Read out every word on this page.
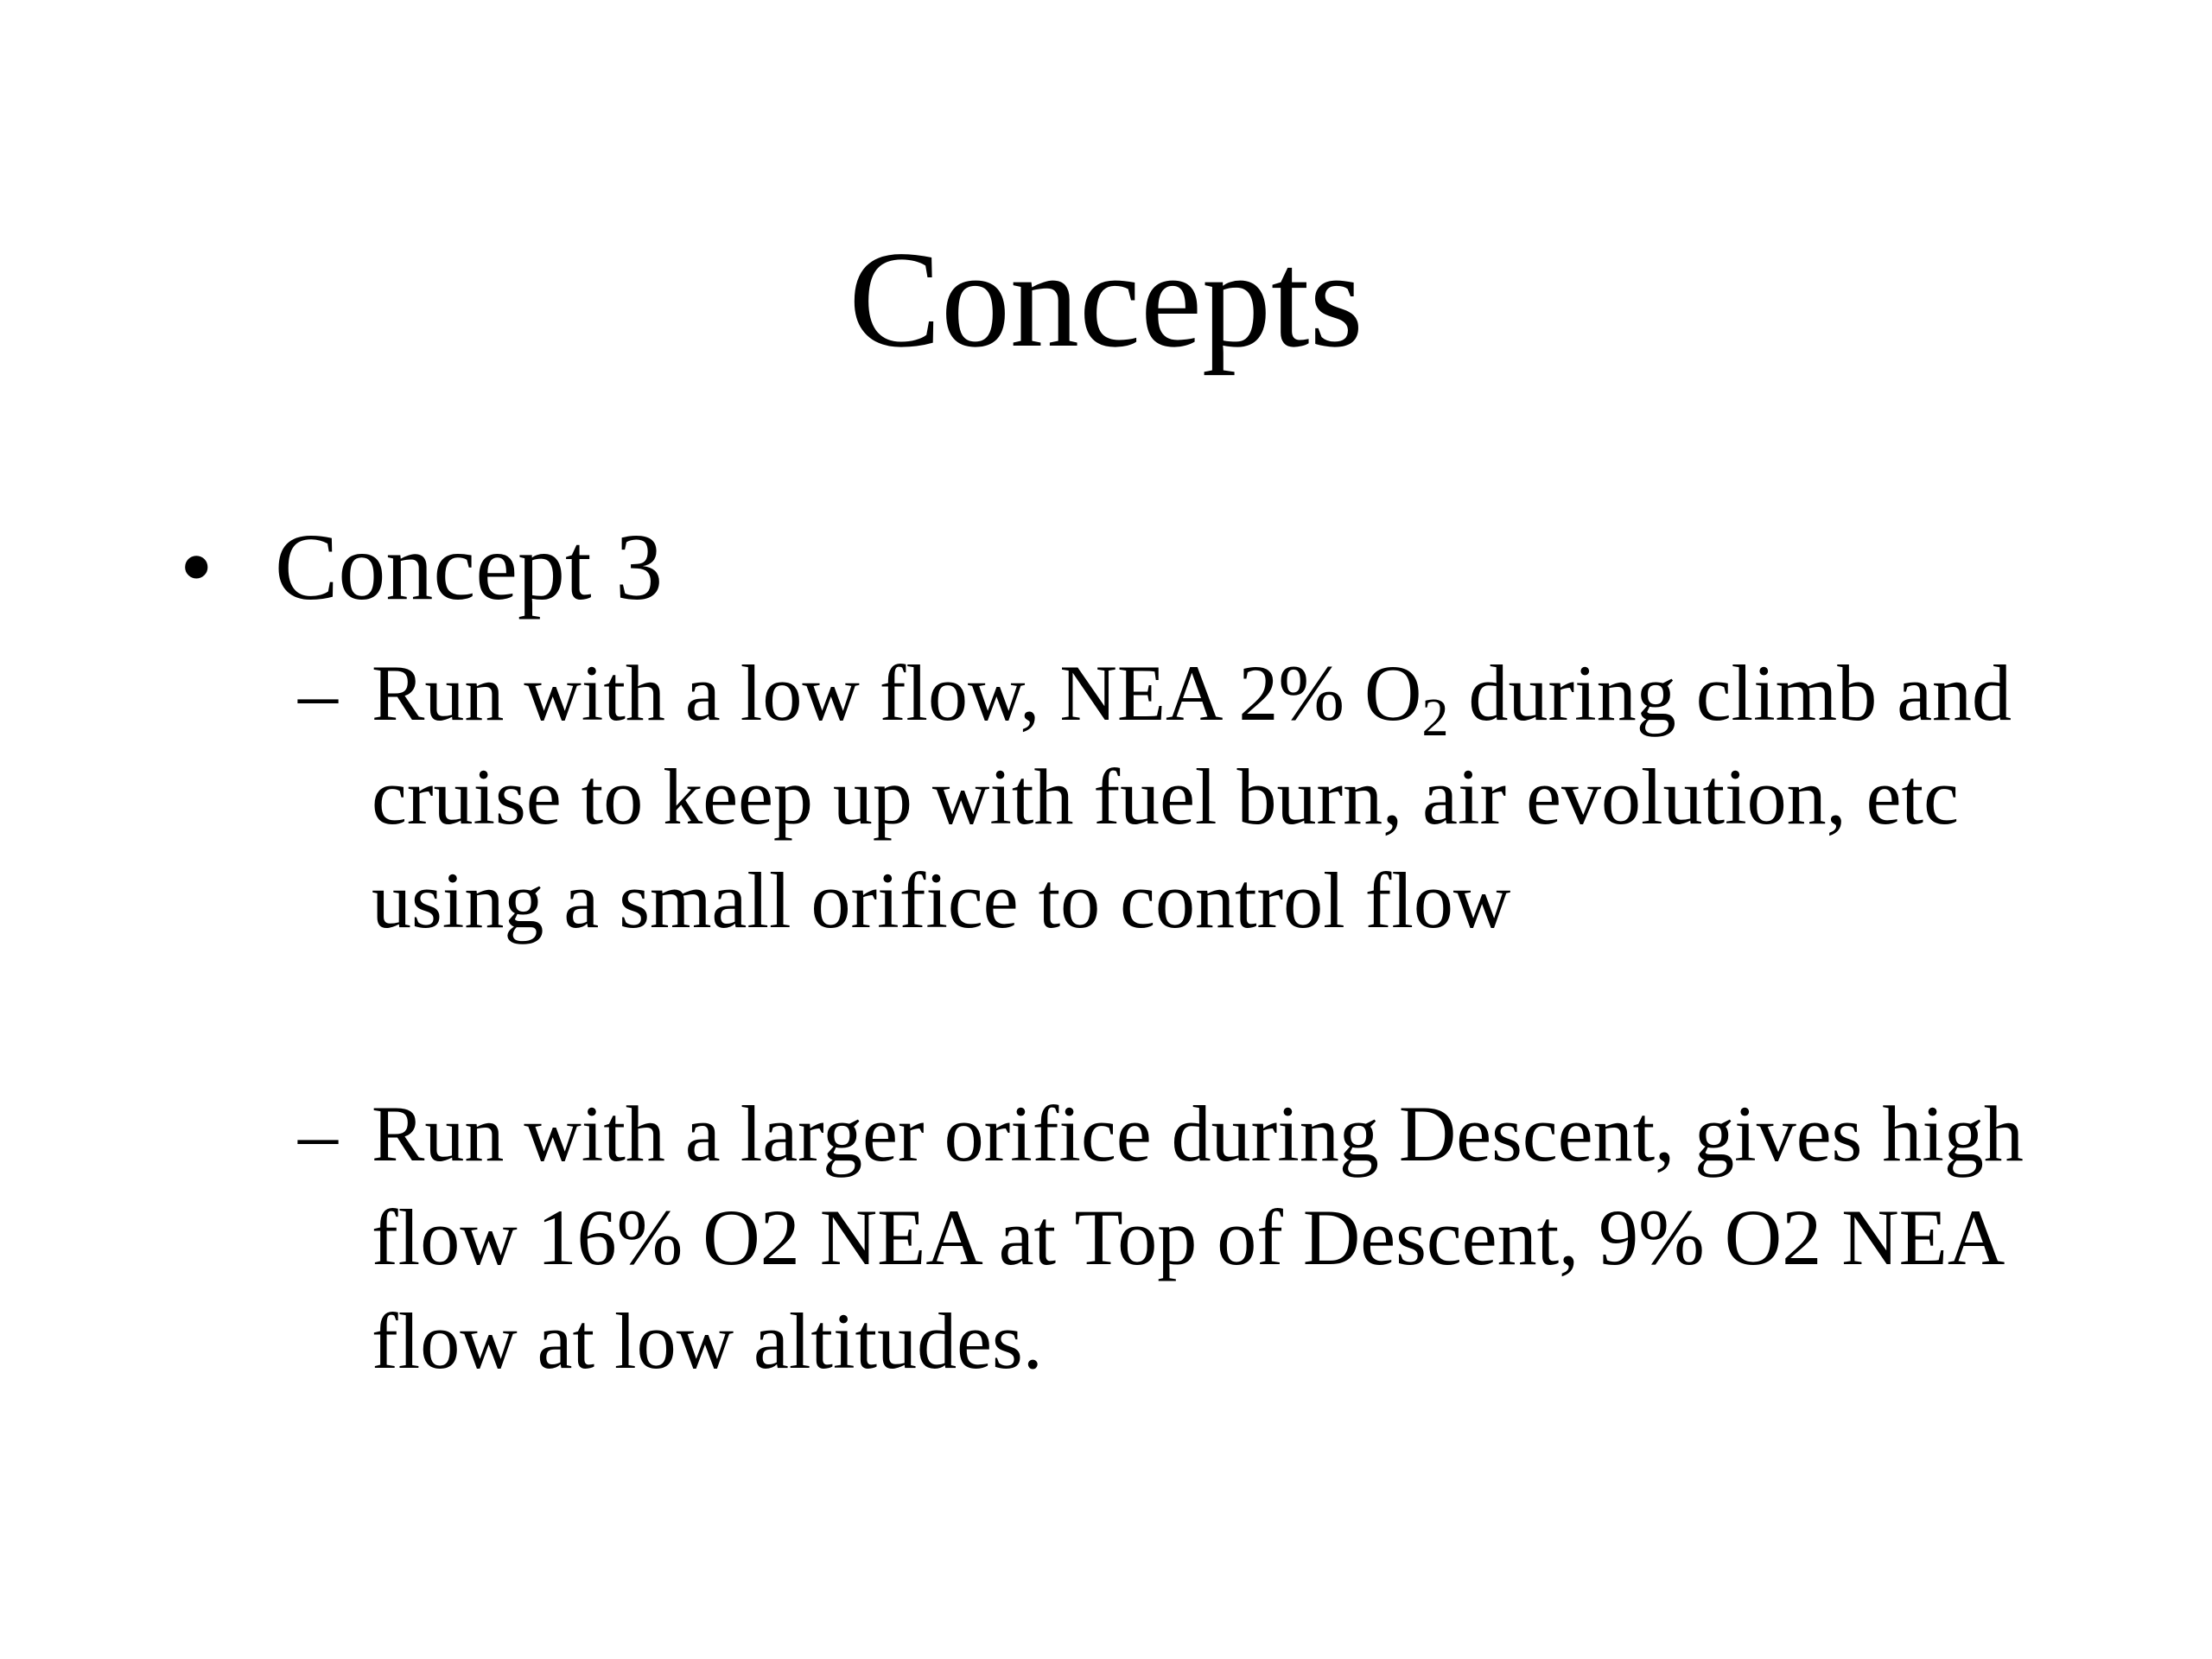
Concepts
• Concept 3
– Run with a low flow, NEA 2% O2 during climb and cruise to keep up with fuel burn, air evolution, etc using a small orifice to control flow
– Run with a larger orifice during Descent, gives high flow 16% O2 NEA at Top of Descent, 9% O2 NEA flow at low altitudes.
